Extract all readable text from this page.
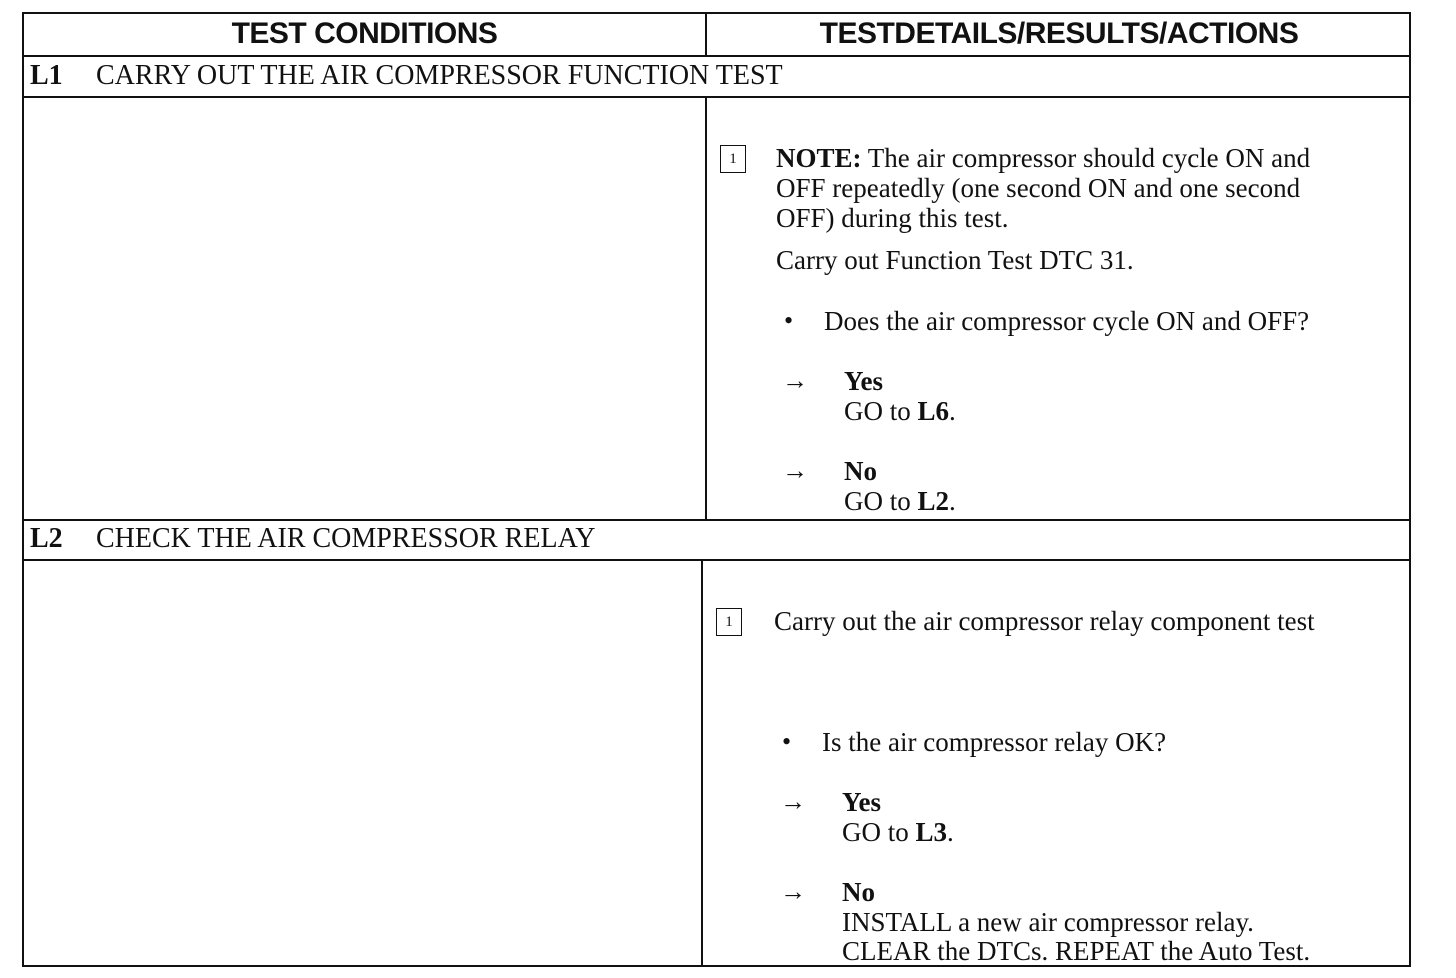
TEST CONDITIONS	TESTDETAILS/RESULTS/ACTIONS
L1 CARRY OUT THE AIR COMPRESSOR FUNCTION TEST
1	NOTE: The air compressor should cycle ON and
OFF repeatedly (one second ON and one second
OFF) during this test.
Carry out Function Test DTC 31.
• Does the air compressor cycle ON and OFF?
→ Yes
GO to L6.
→ No
GO to L2.
L2 CHECK THE AIR COMPRESSOR RELAY
1	Carry out the air compressor relay component test
• Is the air compressor relay OK?
→ Yes
GO to L3.
→ No
INSTALL a new air compressor relay.
CLEAR the DTCs. REPEAT the Auto Test.
